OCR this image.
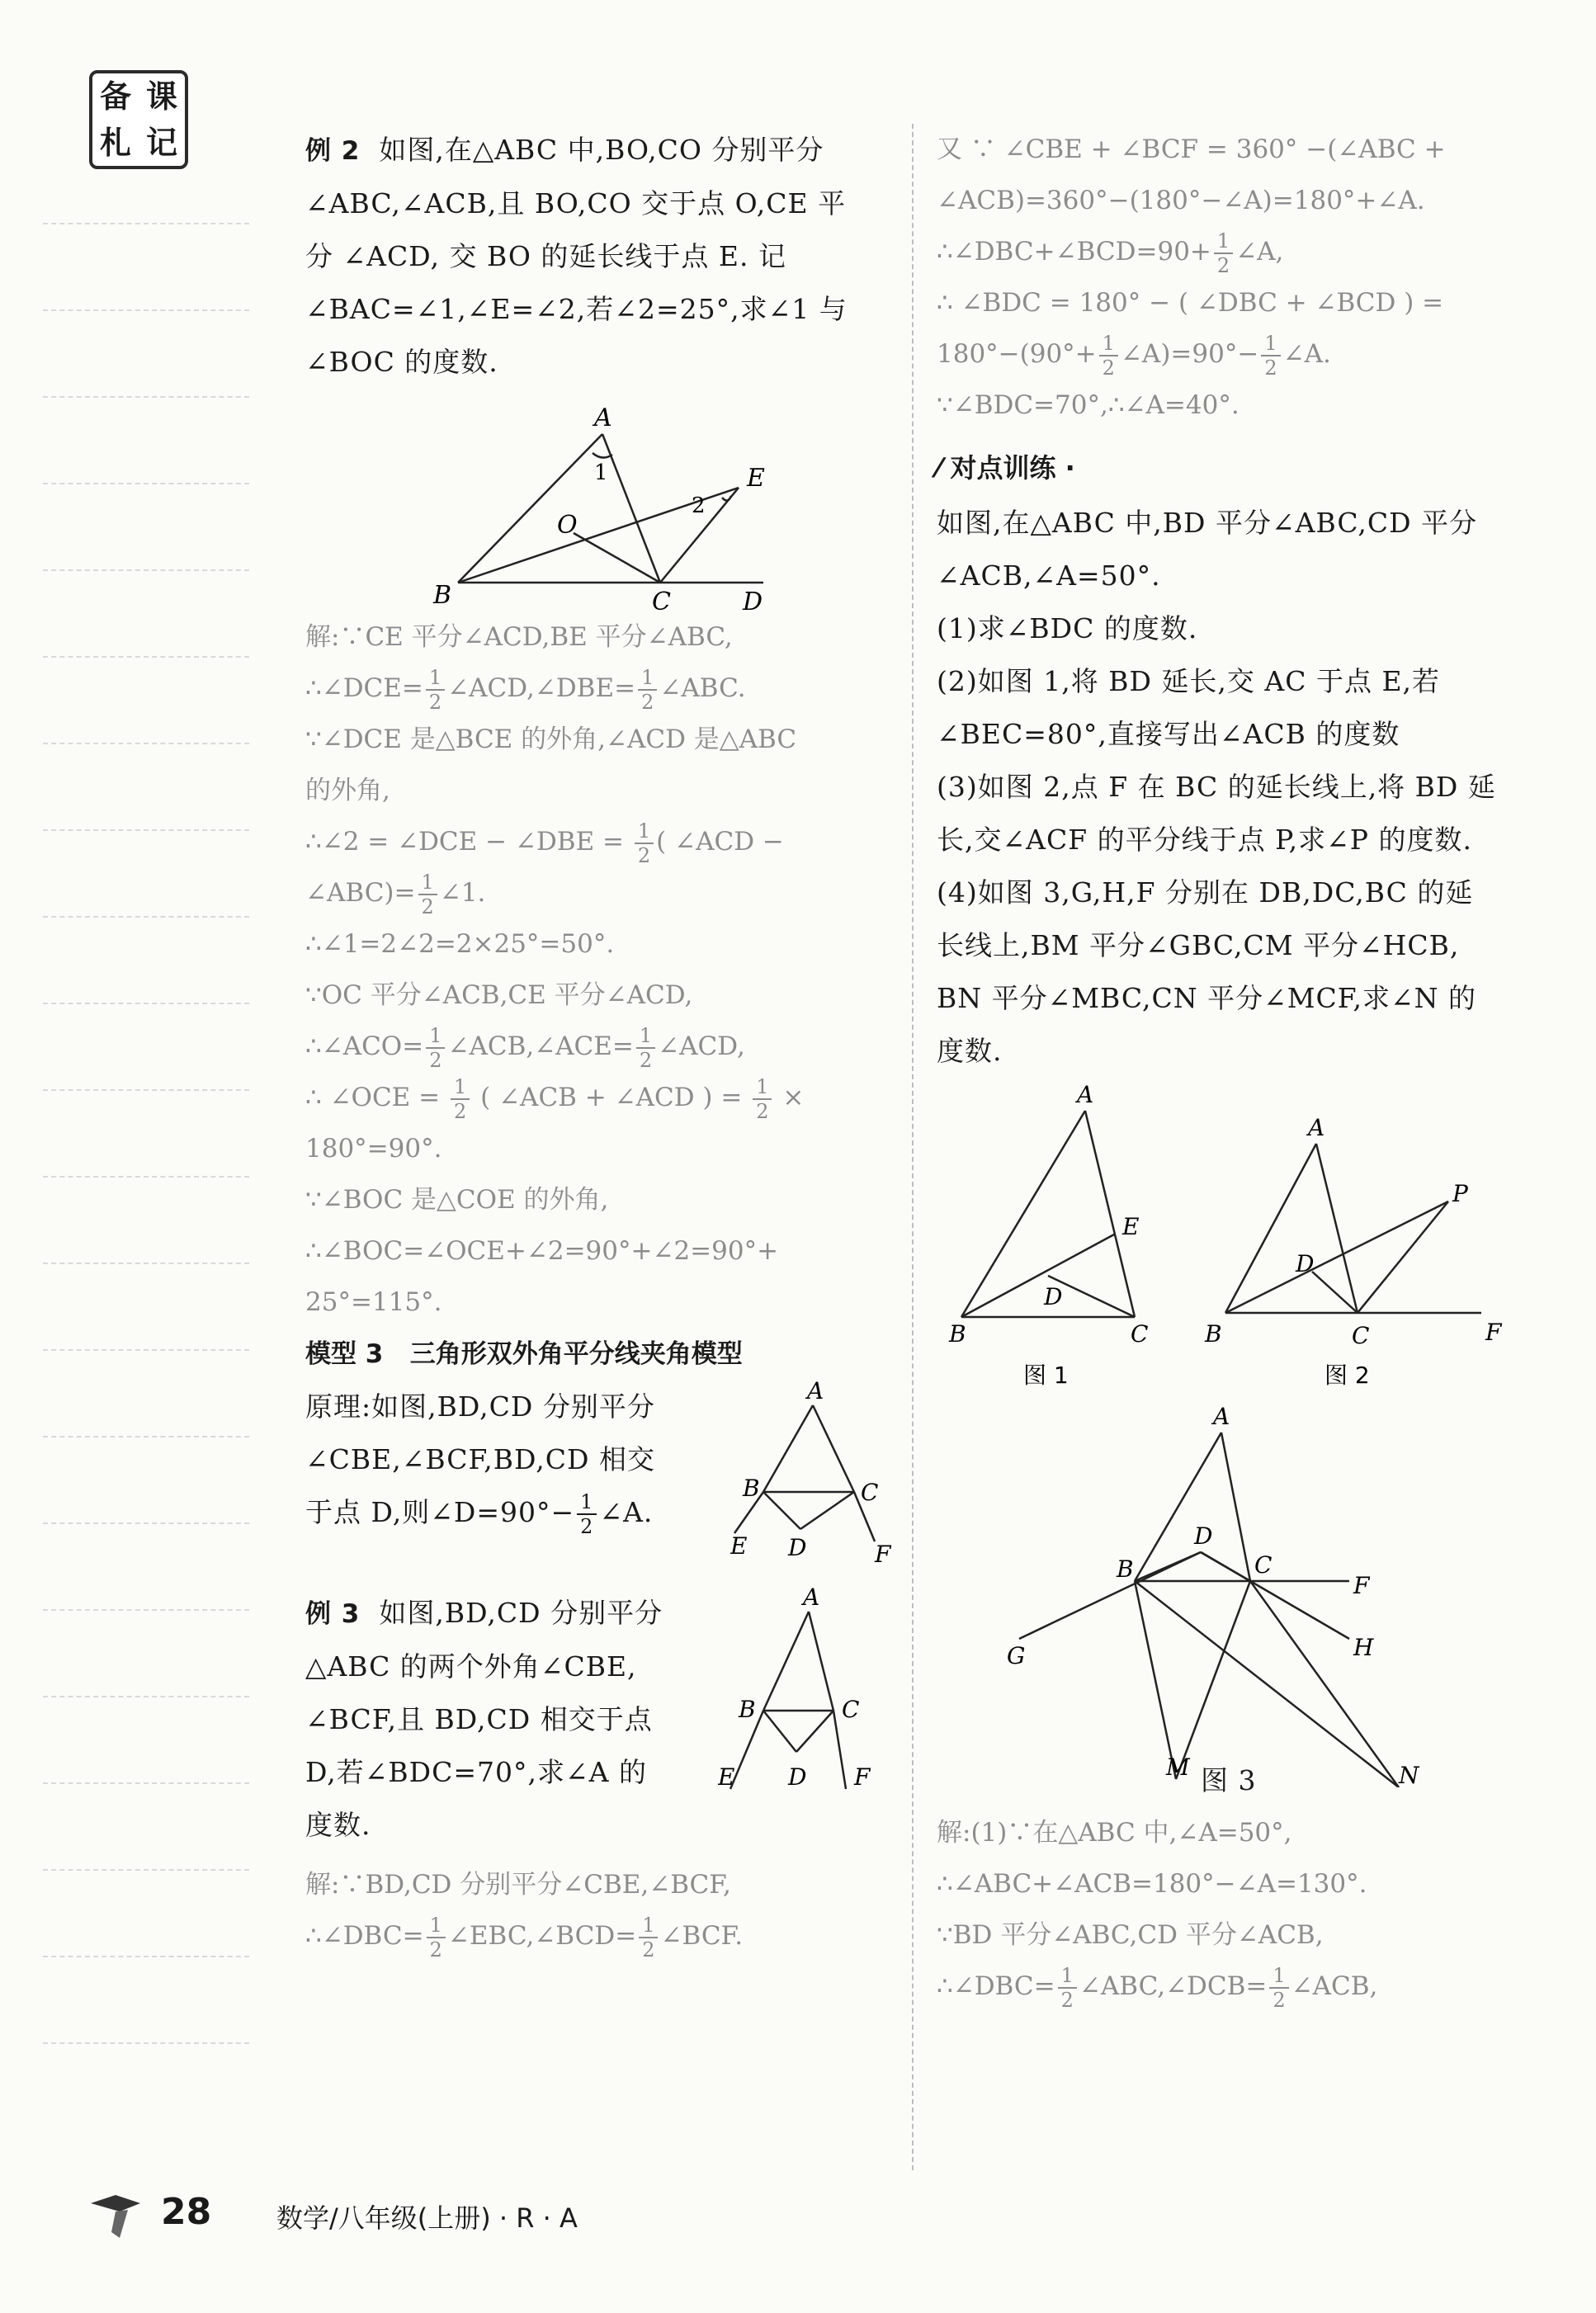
备 课
札 记	例 2 如图,在△ABC 中,BO,CO 分别平分

∠ABC,∠ACB,且 BO,CO 交于点 O,CE 平

分 ∠ACD, 交 BO 的延长线于点 E. 记

∠BAC=∠1,∠E=∠2,若∠2=25°,求∠1 与

∠BOC 的度数.

A
B	C	D
E
O
1
2

解:∵CE 平分∠ACD,BE 平分∠ABC,

∴∠DCE= $\frac{1}{2}$ ∠ACD,∠DBE= $\frac{1}{2}$ ∠ABC.

∵∠DCE 是△BCE 的外角,∠ACD 是△ABC

的外角,

∴∠2 = ∠DCE − ∠DBE = $\frac{1}{2}$ ( ∠ACD −

∠ABC)= $\frac{1}{2}$ ∠1.

∴∠1=2∠2=2×25°=50°.

∵OC 平分∠ACB,CE 平分∠ACD,

∴∠ACO= $\frac{1}{2}$ ∠ACB,∠ACE= $\frac{1}{2}$ ∠ACD,

∴ ∠OCE = $\frac{1}{2}$ ( ∠ACB + ∠ACD ) = $\frac{1}{2}$ ×

180°=90°.

∵∠BOC 是△COE 的外角,

∴∠BOC=∠OCE+∠2=90°+∠2=90°+

25°=115°.

模型 3 三角形双外角平分线夹角模型

原理:如图,BD,CD 分别平分

∠CBE,∠BCF,BD,CD 相交

于点 D,则∠D=90°− $\frac{1}{2}$ ∠A.

A
B	C
D
E	F

例 3 如图,BD,CD 分别平分

△ABC 的两个外角∠CBE,

∠BCF,且 BD,CD 相交于点

D,若∠BDC=70°,求∠A 的

度数.

A
B	C
D
E	F

解:∵BD,CD 分别平分∠CBE,∠BCF,

∴∠DBC= $\frac{1}{2}$ ∠EBC,∠BCD= $\frac{1}{2}$ ∠BCF.

又 ∵ ∠CBE + ∠BCF = 360° −(∠ABC +

∠ACB)=360°−(180°−∠A)=180°+∠A.

∴∠DBC+∠BCD=90+ $\frac{1}{2}$ ∠A,

∴ ∠BDC = 180° − ( ∠DBC + ∠BCD ) =

$180^\circ-(90^\circ+ \frac{1}{2}$ ∠A)=90°− $\frac{1}{2}$ ∠A.

∵∠BDC=70°,∴∠A=40°.

⁄ 对点训练 ·

如图,在△ABC 中,BD 平分∠ABC,CD 平分

∠ACB,∠A=50°.

(1)求∠BDC 的度数.

(2)如图 1,将 BD 延长,交 AC 于点 E,若

∠BEC=80°,直接写出∠ACB 的度数

(3)如图 2,点 F 在 BC 的延长线上,将 BD 延

长,交∠ACF 的平分线于点 P,求∠P 的度数.

(4)如图 3,G,H,F 分别在 DB,DC,BC 的延

长线上,BM 平分∠GBC,CM 平分∠HCB,

BN 平分∠MBC,CN 平分∠MCF,求∠N 的

度数.

A
B	C
D
E
图 1
A
B	C
D
F
P
图 2
A
B	C
D
F
G	H
M	N

图 3

解:(1)∵在△ABC 中,∠A=50°,

∴∠ABC+∠ACB=180°−∠A=130°.

∵BD 平分∠ABC,CD 平分∠ACB,

∴∠DBC= $\frac{1}{2}$ ∠ABC,∠DCB= $\frac{1}{2}$ ∠ACB,

28 数学/八年级(上册) · R · A
